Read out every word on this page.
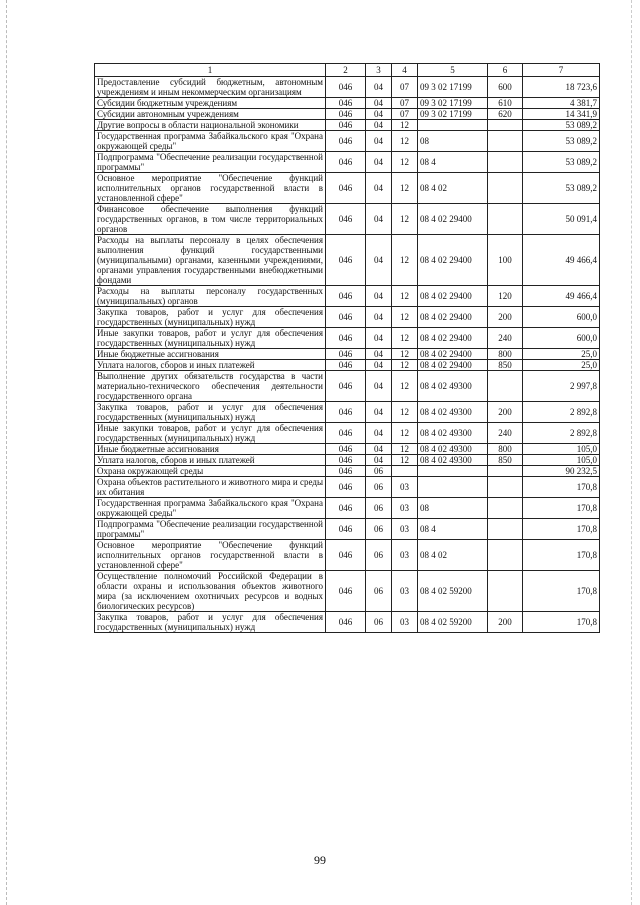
1	2	3	4	5	6	7
Предоставление субсидий бюджетным, автономным учреждениям и иным некоммерческим организациям	046	04	07	09 3 02 17199	600	18 723,6
Субсидии бюджетным учреждениям	046	04	07	09 3 02 17199	610	4 381,7
Субсидии автономным учреждениям	046	04	07	09 3 02 17199	620	14 341,9
Другие вопросы в области национальной экономики	046	04	12			53 089,2
Государственная программа Забайкальского края "Охрана окружающей среды"	046	04	12	08		53 089,2
Подпрограмма "Обеспечение реализации государственной программы"	046	04	12	08 4		53 089,2
Основное мероприятие "Обеспечение функций исполнительных органов государственной власти в установленной сфере"	046	04	12	08 4 02		53 089,2
Финансовое обеспечение выполнения функций государственных органов, в том числе территориальных органов	046	04	12	08 4 02 29400		50 091,4
Расходы на выплаты персоналу в целях обеспечения выполнения функций государственными (муниципальными) органами, казенными учреждениями, органами управления государственными внебюджетными фондами	046	04	12	08 4 02 29400	100	49 466,4
Расходы на выплаты персоналу государственных (муниципальных) органов	046	04	12	08 4 02 29400	120	49 466,4
Закупка товаров, работ и услуг для обеспечения государственных (муниципальных) нужд	046	04	12	08 4 02 29400	200	600,0
Иные закупки товаров, работ и услуг для обеспечения государственных (муниципальных) нужд	046	04	12	08 4 02 29400	240	600,0
Иные бюджетные ассигнования	046	04	12	08 4 02 29400	800	25,0
Уплата налогов, сборов и иных платежей	046	04	12	08 4 02 29400	850	25,0
Выполнение других обязательств государства в части материально-технического обеспечения деятельности государственного органа	046	04	12	08 4 02 49300		2 997,8
Закупка товаров, работ и услуг для обеспечения государственных (муниципальных) нужд	046	04	12	08 4 02 49300	200	2 892,8
Иные закупки товаров, работ и услуг для обеспечения государственных (муниципальных) нужд	046	04	12	08 4 02 49300	240	2 892,8
Иные бюджетные ассигнования	046	04	12	08 4 02 49300	800	105,0
Уплата налогов, сборов и иных платежей	046	04	12	08 4 02 49300	850	105,0
Охрана окружающей среды	046	06				90 232,5
Охрана объектов растительного и животного мира и среды их обитания	046	06	03			170,8
Государственная программа Забайкальского края "Охрана окружающей среды"	046	06	03	08		170,8
Подпрограмма "Обеспечение реализации государственной программы"	046	06	03	08 4		170,8
Основное мероприятие "Обеспечение функций исполнительных органов государственной власти в установленной сфере"	046	06	03	08 4 02		170,8
Осуществление полномочий Российской Федерации в области охраны и использования объектов животного мира (за исключением охотничьих ресурсов и водных биологических ресурсов)	046	06	03	08 4 02 59200		170,8
Закупка товаров, работ и услуг для обеспечения государственных (муниципальных) нужд	046	06	03	08 4 02 59200	200	170,8
99
